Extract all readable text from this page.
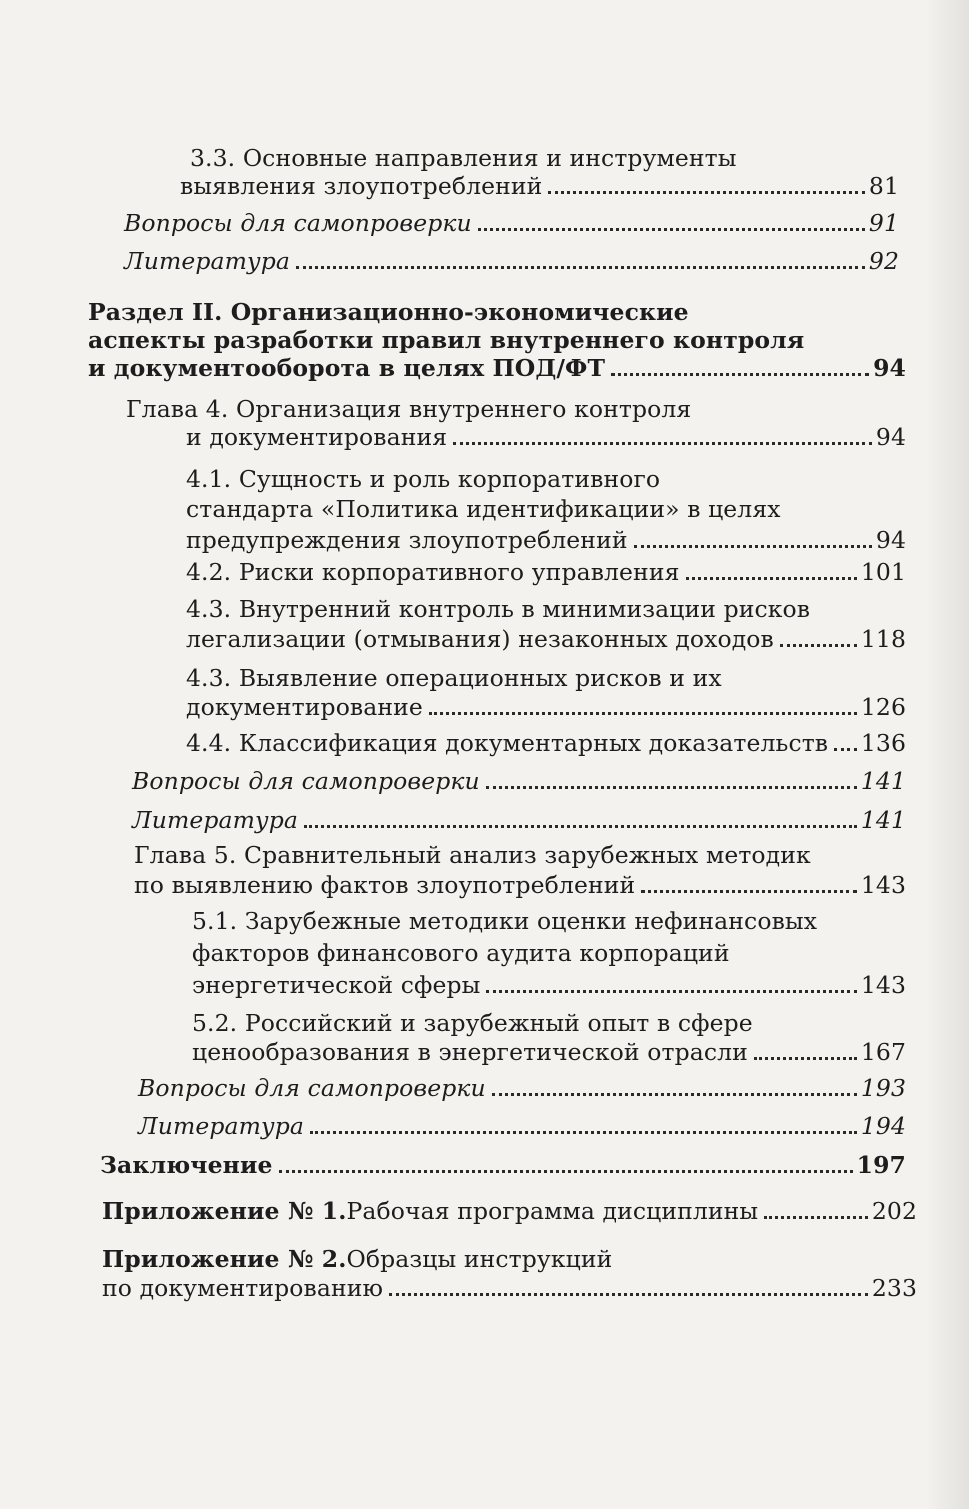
3.3. Основные направления и инструменты
выявления злоупотреблений	81
Вопросы для самопроверки	91
Литература	92
Раздел II. Организационно-экономические
аспекты разработки правил внутреннего контроля
и документооборота в целях ПОД/ФТ	94
Глава 4. Организация внутреннего контроля
и документирования	94
4.1. Сущность и роль корпоративного
стандарта «Политика идентификации» в целях
предупреждения злоупотреблений	94
4.2. Риски корпоративного управления	101
4.3. Внутренний контроль в минимизации рисков
легализации (отмывания) незаконных доходов	118
4.3. Выявление операционных рисков и их
документирование	126
4.4. Классификация документарных доказательств 136
Вопросы для самопроверки	141
Литература	141
Глава 5. Сравнительный анализ зарубежных методик
по выявлению фактов злоупотреблений	143
5.1. Зарубежные методики оценки нефинансовых
факторов финансового аудита корпораций
энергетической сферы	143
5.2. Российский и зарубежный опыт в сфере
ценообразования в энергетической отрасли	167
Вопросы для самопроверки	193
Литература	194
Заключение	197
Приложение № 1. Рабочая программа дисциплины	202
Приложение № 2. Образцы инструкций
по документированию	233
